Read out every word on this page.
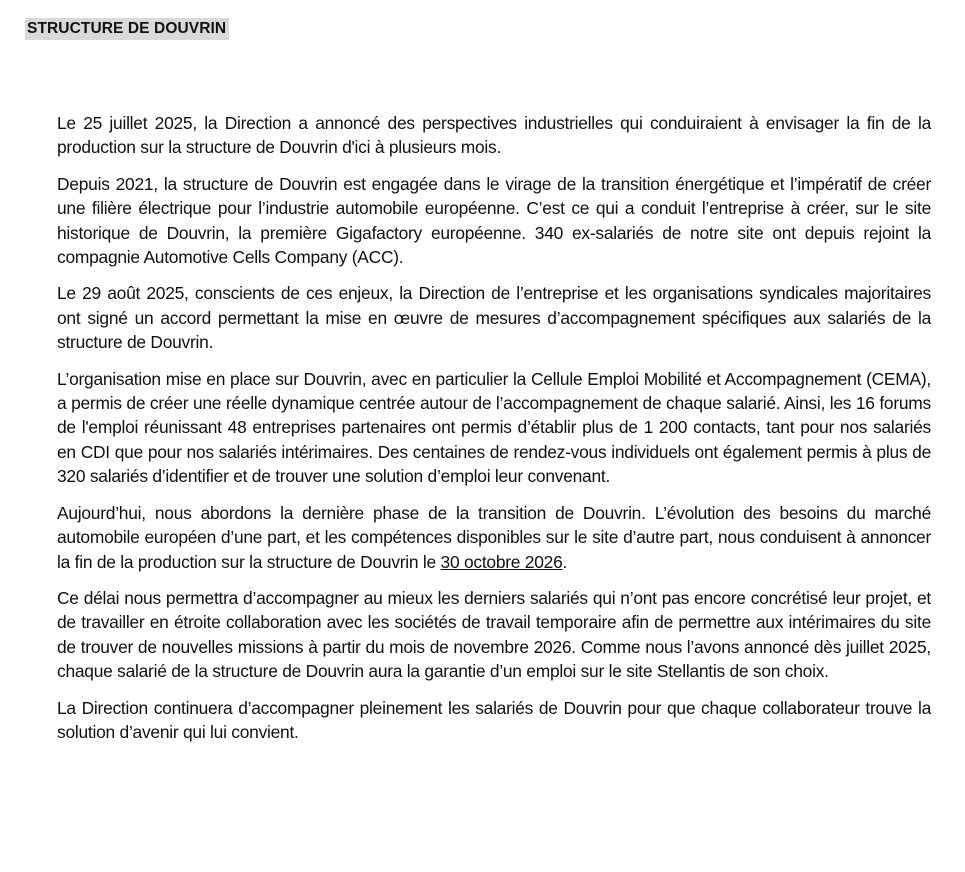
STRUCTURE DE DOUVRIN

Le 25 juillet 2025, la Direction a annoncé des perspectives industrielles qui conduiraient à envisager la fin de la production sur la structure de Douvrin d'ici à plusieurs mois.

Depuis 2021, la structure de Douvrin est engagée dans le virage de la transition énergétique et l’impératif de créer une filière électrique pour l’industrie automobile européenne. C’est ce qui a conduit l’entreprise à créer, sur le site historique de Douvrin, la première Gigafactory européenne. 340 ex-salariés de notre site ont depuis rejoint la compagnie Automotive Cells Company (ACC).

Le 29 août 2025, conscients de ces enjeux, la Direction de l’entreprise et les organisations syndicales majoritaires ont signé un accord permettant la mise en œuvre de mesures d’accompagnement spécifiques aux salariés de la structure de Douvrin.

L’organisation mise en place sur Douvrin, avec en particulier la Cellule Emploi Mobilité et Accompagnement (CEMA), a permis de créer une réelle dynamique centrée autour de l’accompagnement de chaque salarié. Ainsi, les 16 forums de l'emploi réunissant 48 entreprises partenaires ont permis d’établir plus de 1 200 contacts, tant pour nos salariés en CDI que pour nos salariés intérimaires. Des centaines de rendez-vous individuels ont également permis à plus de 320 salariés d’identifier et de trouver une solution d’emploi leur convenant.

Aujourd’hui, nous abordons la dernière phase de la transition de Douvrin. L’évolution des besoins du marché automobile européen d’une part, et les compétences disponibles sur le site d’autre part, nous conduisent à annoncer la fin de la production sur la structure de Douvrin le 30 octobre 2026.

Ce délai nous permettra d’accompagner au mieux les derniers salariés qui n’ont pas encore concrétisé leur projet, et de travailler en étroite collaboration avec les sociétés de travail temporaire afin de permettre aux intérimaires du site de trouver de nouvelles missions à partir du mois de novembre 2026. Comme nous l’avons annoncé dès juillet 2025, chaque salarié de la structure de Douvrin aura la garantie d’un emploi sur le site Stellantis de son choix.

La Direction continuera d’accompagner pleinement les salariés de Douvrin pour que chaque collaborateur trouve la solution d’avenir qui lui convient.
